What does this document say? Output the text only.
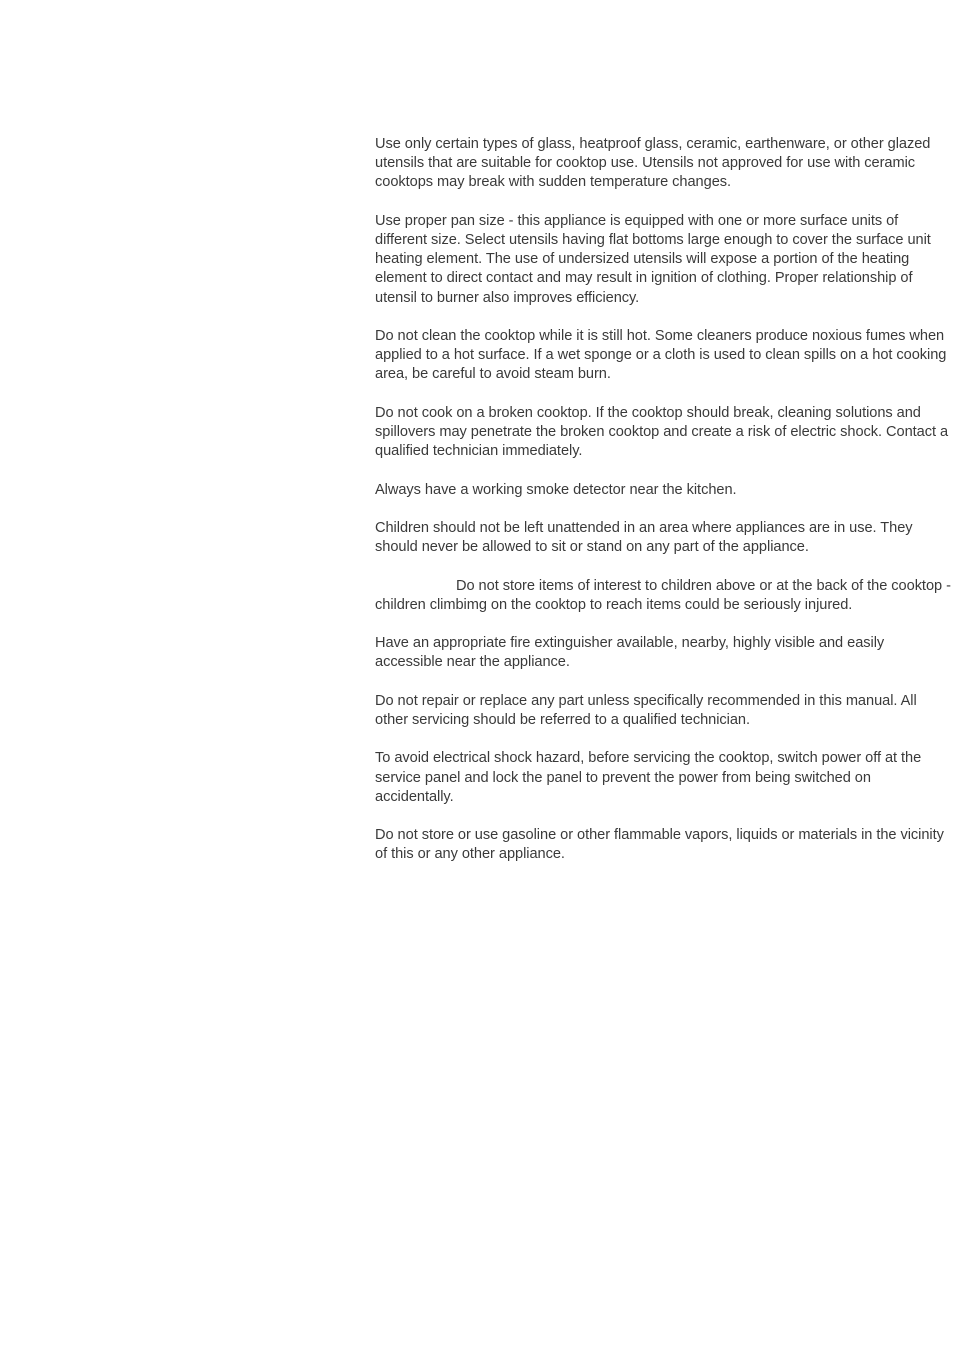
Use only certain types of glass, heatproof glass, ceramic, earthenware, or other glazed utensils that are suitable for cooktop use. Utensils not approved for use with ceramic cooktops may break with sudden temperature changes.

Use proper pan size - this appliance is equipped with one or more surface units of different size. Select utensils having flat bottoms large enough to cover the surface unit heating element. The use of undersized utensils will expose a portion of the heating element to direct contact and may result in ignition of clothing. Proper relationship of utensil to burner also improves efficiency.

Do not clean the cooktop while it is still hot. Some cleaners produce noxious fumes when applied to a hot surface. If a wet sponge or a cloth is used to clean spills on a hot cooking area, be careful to avoid steam burn.

Do not cook on a broken cooktop. If the cooktop should break, cleaning solutions and spillovers may penetrate the broken cooktop and create a risk of electric shock. Contact a qualified technician immediately.

Always have a working smoke detector near the kitchen.

Children should not be left unattended in an area where appliances are in use. They should never be allowed to sit or stand on any part of the appliance.

Do not store items of interest to children above or at the back of the cooktop - children climbimg on the cooktop to reach items could be seriously injured.

Have an appropriate fire extinguisher available, nearby, highly visible and easily accessible near the appliance.

Do not repair or replace any part unless specifically recommended in this manual. All other servicing should be referred to a qualified technician.

To avoid electrical shock hazard, before servicing the cooktop, switch power off at the service panel and lock the panel to prevent the power from being switched on accidentally.

Do not store or use gasoline or other flammable vapors, liquids or materials in the vicinity of this or any other appliance.
